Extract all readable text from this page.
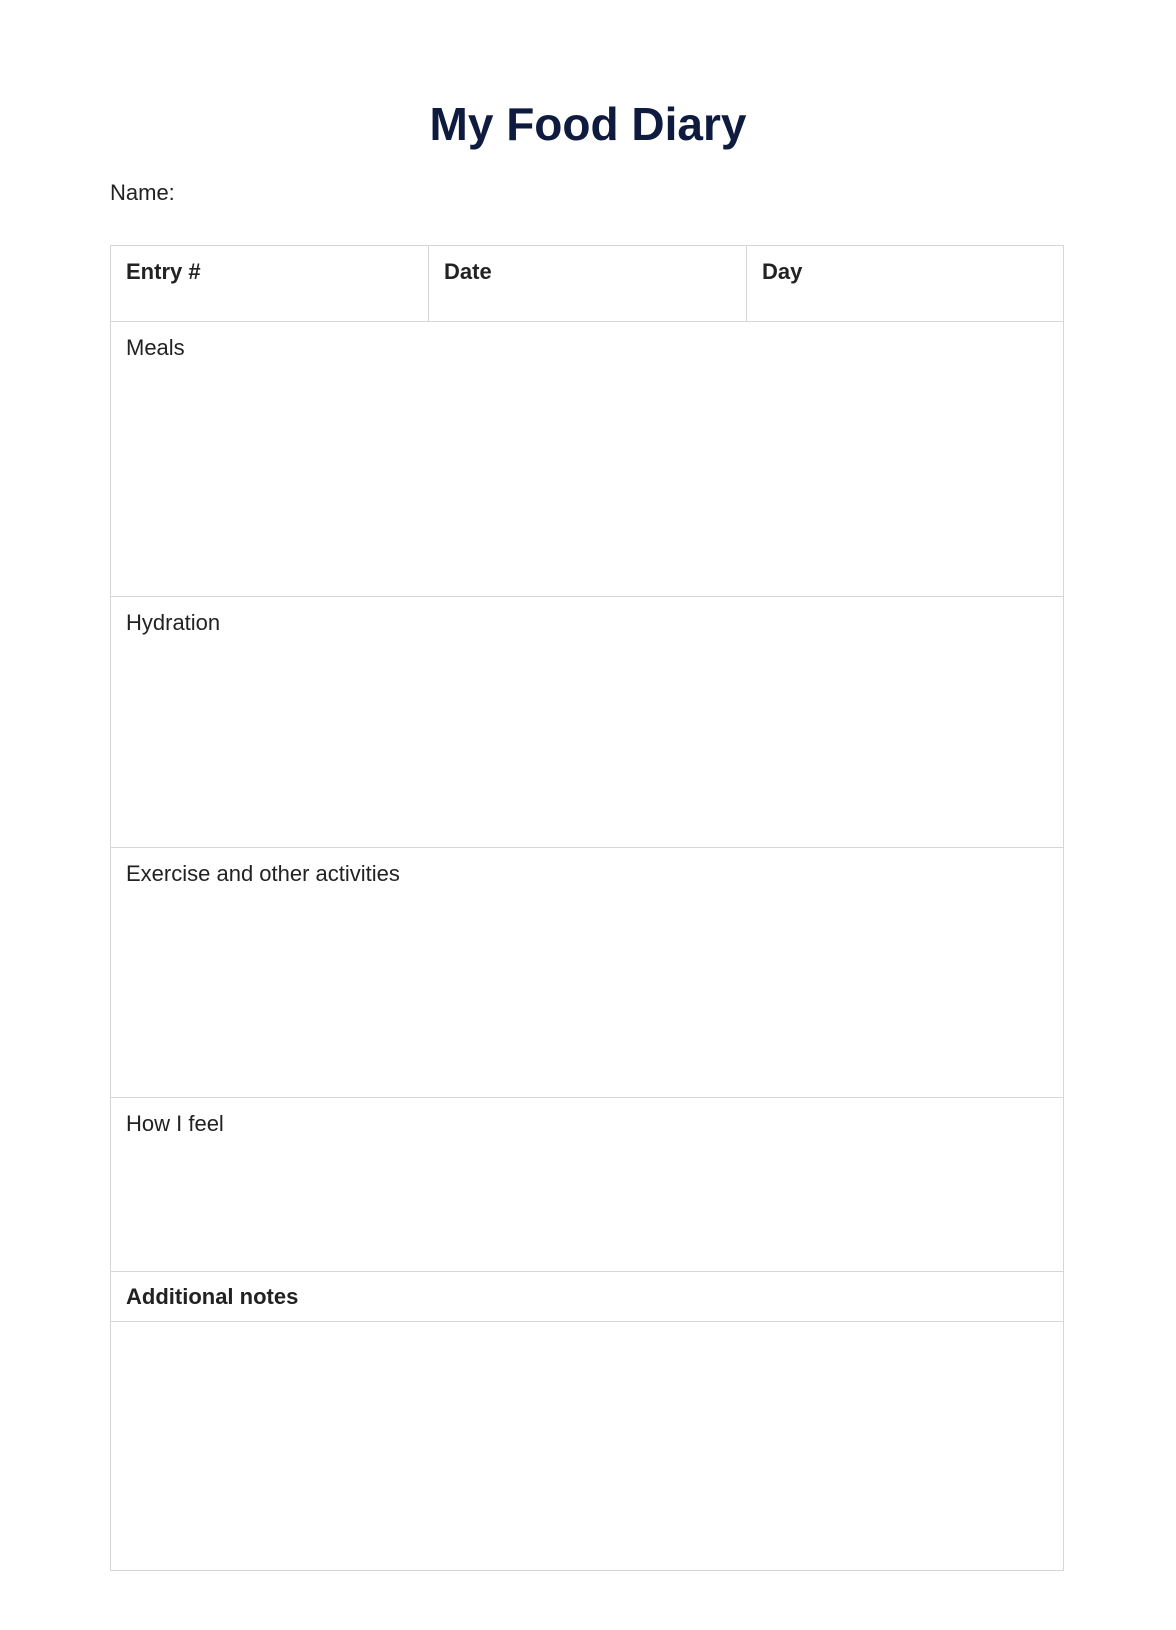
My Food Diary
Name:
Entry #	Date	Day
Meals
Hydration
Exercise and other activities
How I feel
Additional notes
